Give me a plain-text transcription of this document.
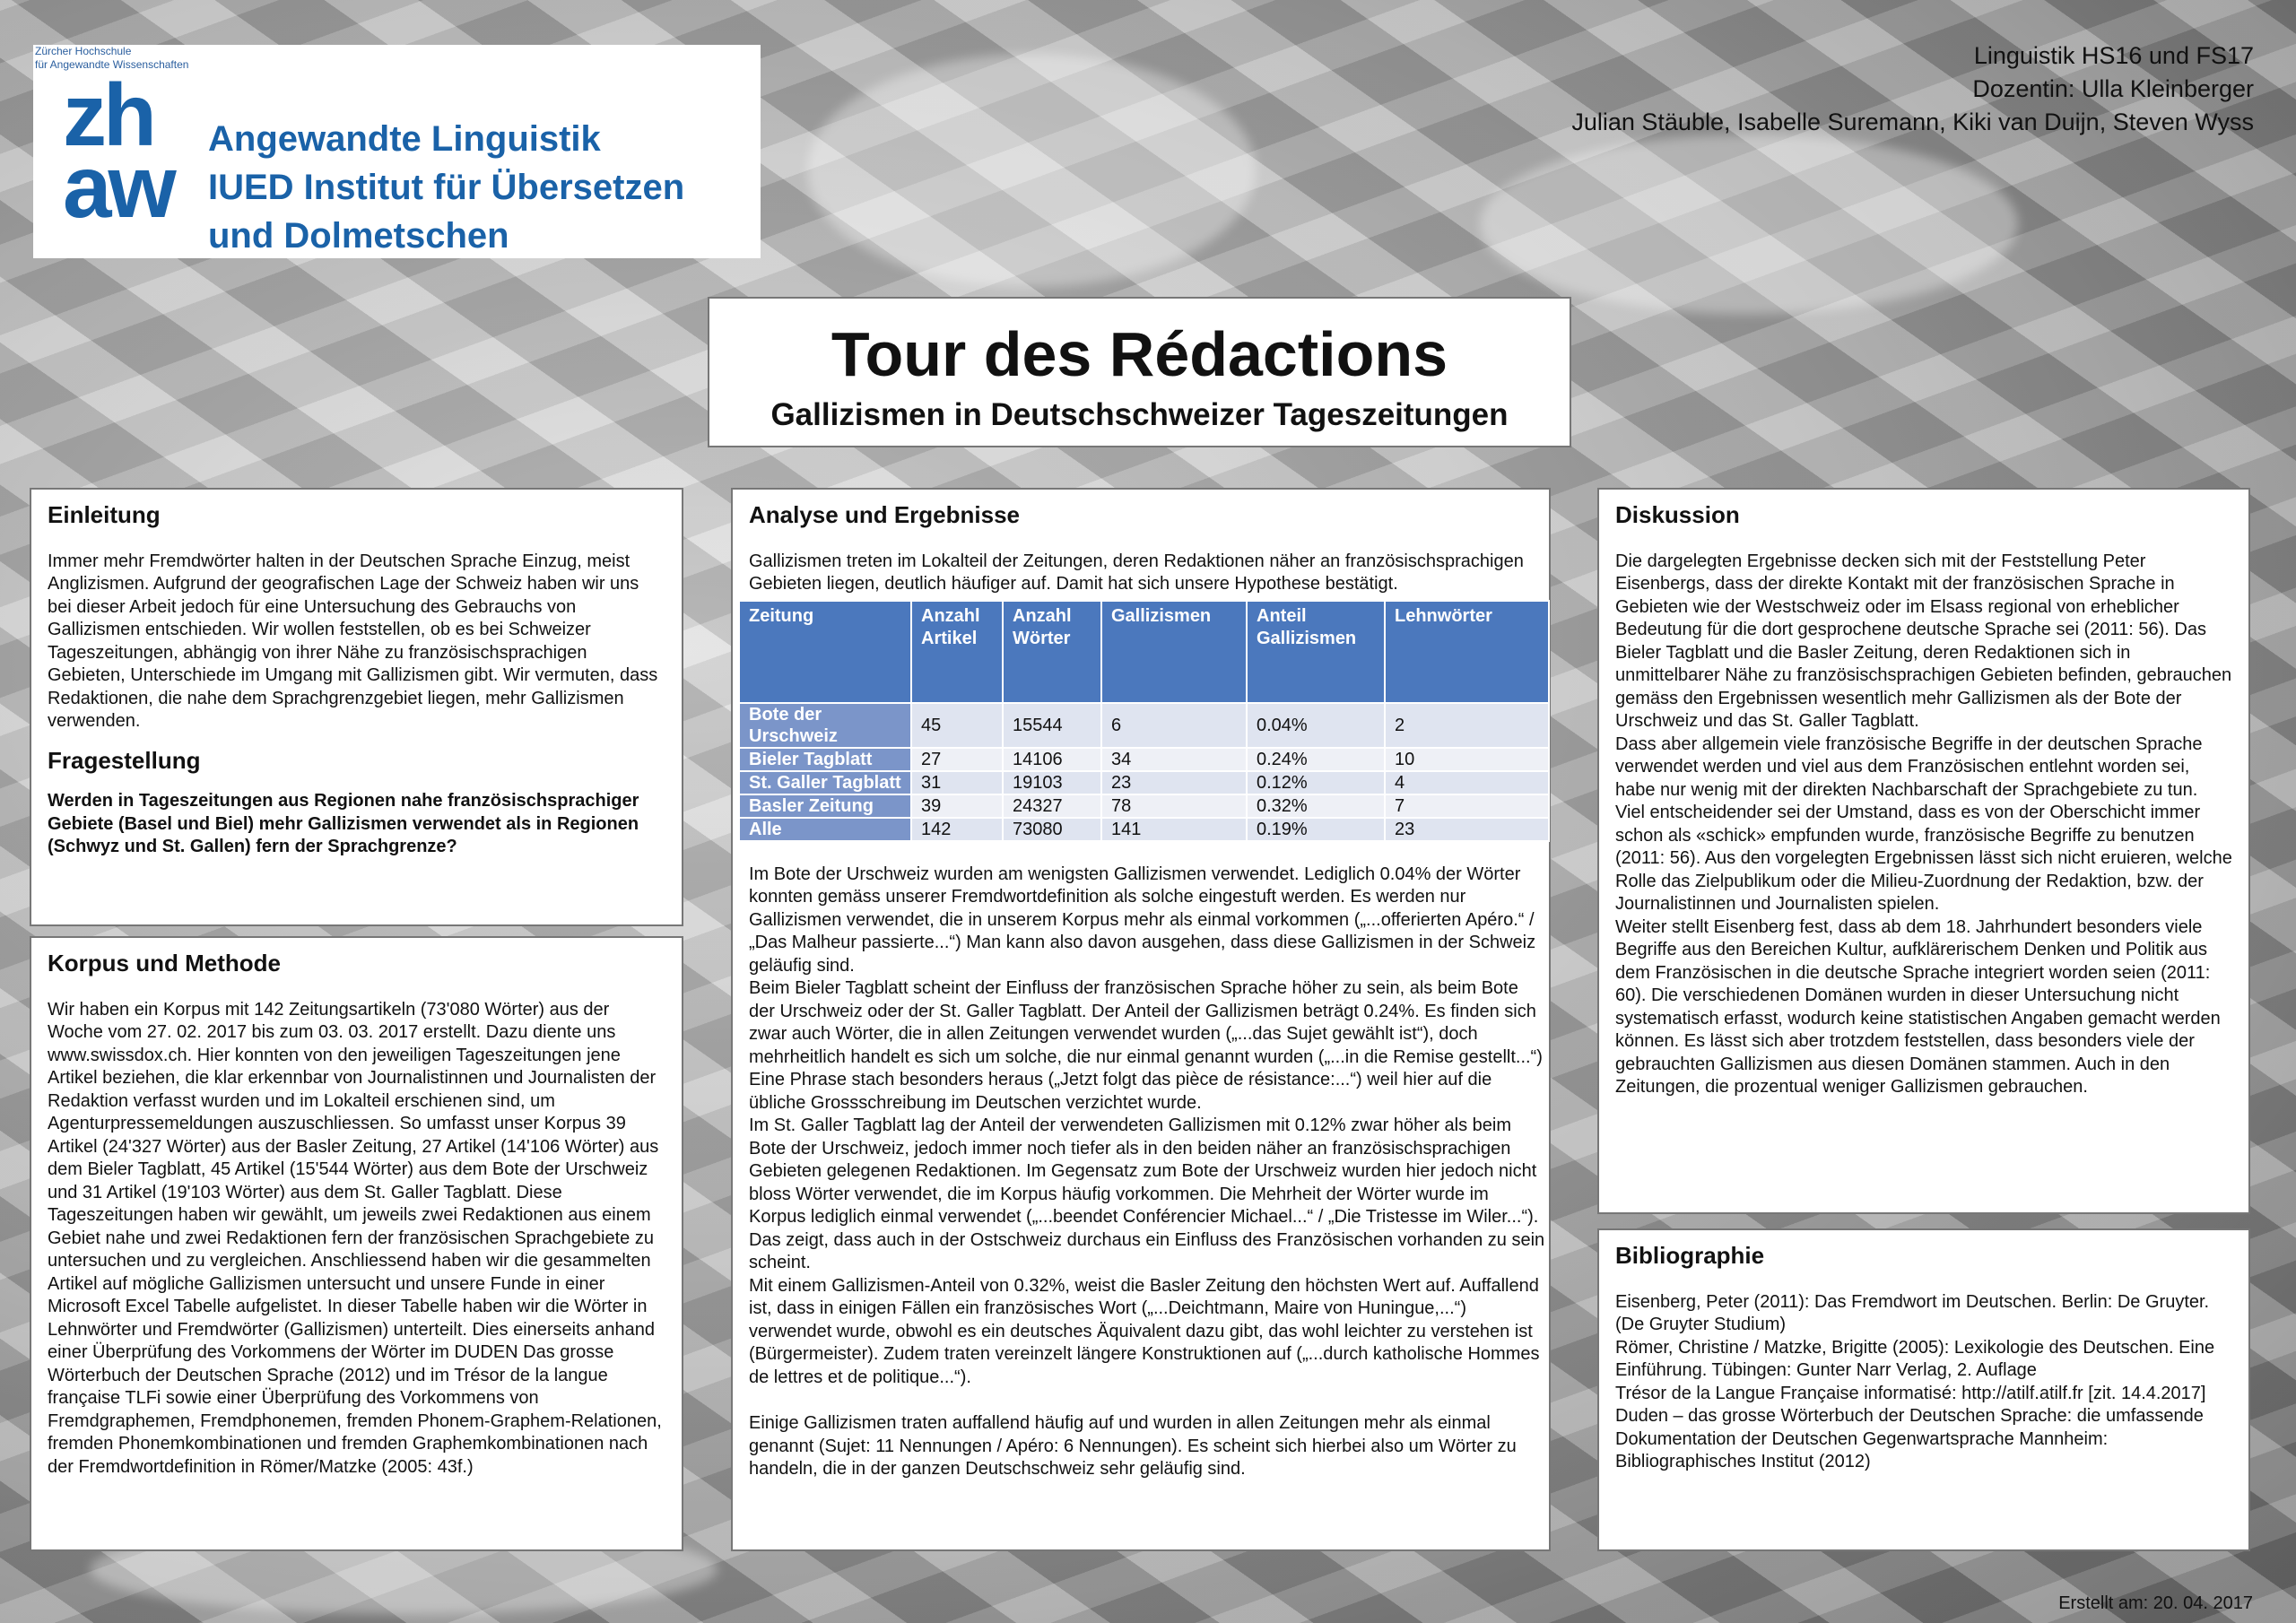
Zürcher Hochschule
für Angewandte Wissenschaften
zh
aw Angewandte Linguistik
IUED Institut für Übersetzen
und Dolmetschen
Linguistik HS16 und FS17
Dozentin: Ulla Kleinberger
Julian Stäuble, Isabelle Suremann, Kiki van Duijn, Steven Wyss
Tour des Rédactions
Gallizismen in Deutschschweizer Tageszeitungen
Einleitung

Immer mehr Fremdwörter halten in der Deutschen Sprache Einzug, meist Anglizismen. Aufgrund der geografischen Lage der Schweiz haben wir uns bei dieser Arbeit jedoch für eine Untersuchung des Gebrauchs von Gallizismen entschieden. Wir wollen feststellen, ob es bei Schweizer Tageszeitungen, abhängig von ihrer Nähe zu französischsprachigen Gebieten, Unterschiede im Umgang mit Gallizismen gibt. Wir vermuten, dass Redaktionen, die nahe dem Sprachgrenzgebiet liegen, mehr Gallizismen verwenden.

Fragestellung

Werden in Tageszeitungen aus Regionen nahe französischsprachiger Gebiete (Basel und Biel) mehr Gallizismen verwendet als in Regionen (Schwyz und St. Gallen) fern der Sprachgrenze?

Korpus und Methode

Wir haben ein Korpus mit 142 Zeitungsartikeln (73'080 Wörter) aus der Woche vom 27. 02. 2017 bis zum 03. 03. 2017 erstellt. Dazu diente uns www.swissdox.ch. Hier konnten von den jeweiligen Tageszeitungen jene Artikel beziehen, die klar erkennbar von Journalistinnen und Journalisten der Redaktion verfasst wurden und im Lokalteil erschienen sind, um Agenturpressemeldungen auszuschliessen. So umfasst unser Korpus 39 Artikel (24'327 Wörter) aus der Basler Zeitung, 27 Artikel (14'106 Wörter) aus dem Bieler Tagblatt, 45 Artikel (15'544 Wörter) aus dem Bote der Urschweiz und 31 Artikel (19'103 Wörter) aus dem St. Galler Tagblatt. Diese Tageszeitungen haben wir gewählt, um jeweils zwei Redaktionen aus einem Gebiet nahe und zwei Redaktionen fern der französischen Sprachgebiete zu untersuchen und zu vergleichen. Anschliessend haben wir die gesammelten Artikel auf mögliche Gallizismen untersucht und unsere Funde in einer Microsoft Excel Tabelle aufgelistet. In dieser Tabelle haben wir die Wörter in Lehnwörter und Fremdwörter (Gallizismen) unterteilt. Dies einerseits anhand einer Überprüfung des Vorkommens der Wörter im DUDEN Das grosse Wörterbuch der Deutschen Sprache (2012) und im Trésor de la langue française TLFi sowie einer Überprüfung des Vorkommens von Fremdgraphemen, Fremdphonemen, fremden Phonem-Graphem-Relationen, fremden Phonemkombinationen und fremden Graphemkombinationen nach der Fremdwortdefinition in Römer/Matzke (2005: 43f.)

Analyse und Ergebnisse

Gallizismen treten im Lokalteil der Zeitungen, deren Redaktionen näher an französischsprachigen Gebieten liegen, deutlich häufiger auf. Damit hat sich unsere Hypothese bestätigt.

Zeitung	Anzahl Artikel	Anzahl Wörter	Gallizismen	Anteil Gallizismen	Lehnwörter
Bote der Urschweiz	45	15544	6	0.04%	2
Bieler Tagblatt	27	14106	34	0.24%	10
St. Galler Tagblatt	31	19103	23	0.12%	4
Basler Zeitung	39	24327	78	0.32%	7
Alle	142	73080	141	0.19%	23

Im Bote der Urschweiz wurden am wenigsten Gallizismen verwendet. Lediglich 0.04% der Wörter konnten gemäss unserer Fremdwortdefinition als solche eingestuft werden. Es werden nur Gallizismen verwendet, die in unserem Korpus mehr als einmal vorkommen („...offerierten Apéro.“ / „Das Malheur passierte...“) Man kann also davon ausgehen, dass diese Gallizismen in der Schweiz geläufig sind.

Beim Bieler Tagblatt scheint der Einfluss der französischen Sprache höher zu sein, als beim Bote der Urschweiz oder der St. Galler Tagblatt. Der Anteil der Gallizismen beträgt 0.24%. Es finden sich zwar auch Wörter, die in allen Zeitungen verwendet wurden („...das Sujet gewählt ist“), doch mehrheitlich handelt es sich um solche, die nur einmal genannt wurden („...in die Remise gestellt...“) Eine Phrase stach besonders heraus („Jetzt folgt das pièce de résistance:...“) weil hier auf die übliche Grossschreibung im Deutschen verzichtet wurde.

Im St. Galler Tagblatt lag der Anteil der verwendeten Gallizismen mit 0.12% zwar höher als beim Bote der Urschweiz, jedoch immer noch tiefer als in den beiden näher an französischsprachigen Gebieten gelegenen Redaktionen. Im Gegensatz zum Bote der Urschweiz wurden hier jedoch nicht bloss Wörter verwendet, die im Korpus häufig vorkommen. Die Mehrheit der Wörter wurde im Korpus lediglich einmal verwendet („...beendet Conférencier Michael...“ / „Die Tristesse im Wiler...“). Das zeigt, dass auch in der Ostschweiz durchaus ein Einfluss des Französischen vorhanden zu sein scheint.

Mit einem Gallizismen-Anteil von 0.32%, weist die Basler Zeitung den höchsten Wert auf. Auffallend ist, dass in einigen Fällen ein französisches Wort („...Deichtmann, Maire von Huningue,...“) verwendet wurde, obwohl es ein deutsches Äquivalent dazu gibt, das wohl leichter zu verstehen ist (Bürgermeister). Zudem traten vereinzelt längere Konstruktionen auf („...durch katholische Hommes de lettres et de politique...“).

Einige Gallizismen traten auffallend häufig auf und wurden in allen Zeitungen mehr als einmal genannt (Sujet: 11 Nennungen / Apéro: 6 Nennungen). Es scheint sich hierbei also um Wörter zu handeln, die in der ganzen Deutschschweiz sehr geläufig sind.

Diskussion

Die dargelegten Ergebnisse decken sich mit der Feststellung Peter Eisenbergs, dass der direkte Kontakt mit der französischen Sprache in Gebieten wie der Westschweiz oder im Elsass regional von erheblicher Bedeutung für die dort gesprochene deutsche Sprache sei (2011: 56). Das Bieler Tagblatt und die Basler Zeitung, deren Redaktionen sich in unmittelbarer Nähe zu französischsprachigen Gebieten befinden, gebrauchen gemäss den Ergebnissen wesentlich mehr Gallizismen als der Bote der Urschweiz und das St. Galler Tagblatt.

Dass aber allgemein viele französische Begriffe in der deutschen Sprache verwendet werden und viel aus dem Französischen entlehnt worden sei, habe nur wenig mit der direkten Nachbarschaft der Sprachgebiete zu tun.

Viel entscheidender sei der Umstand, dass es von der Oberschicht immer schon als «schick» empfunden wurde, französische Begriffe zu benutzen (2011: 56). Aus den vorgelegten Ergebnissen lässt sich nicht eruieren, welche Rolle das Zielpublikum oder die Milieu-Zuordnung der Redaktion, bzw. der Journalistinnen und Journalisten spielen.

Weiter stellt Eisenberg fest, dass ab dem 18. Jahrhundert besonders viele Begriffe aus den Bereichen Kultur, aufklärerischem Denken und Politik aus dem Französischen in die deutsche Sprache integriert worden seien (2011: 60). Die verschiedenen Domänen wurden in dieser Untersuchung nicht systematisch erfasst, wodurch keine statistischen Angaben gemacht werden können. Es lässt sich aber trotzdem feststellen, dass besonders viele der gebrauchten Gallizismen aus diesen Domänen stammen. Auch in den Zeitungen, die prozentual weniger Gallizismen gebrauchen.

Bibliographie

Eisenberg, Peter (2011): Das Fremdwort im Deutschen. Berlin: De Gruyter. (De Gruyter Studium)

Römer, Christine / Matzke, Brigitte (2005): Lexikologie des Deutschen. Eine Einführung. Tübingen: Gunter Narr Verlag, 2. Auflage

Trésor de la Langue Française informatisé: http://atilf.atilf.fr [zit. 14.4.2017]

Duden – das grosse Wörterbuch der Deutschen Sprache: die umfassende Dokumentation der Deutschen Gegenwartsprache Mannheim: Bibliographisches Institut (2012)

Erstellt am: 20. 04. 2017
